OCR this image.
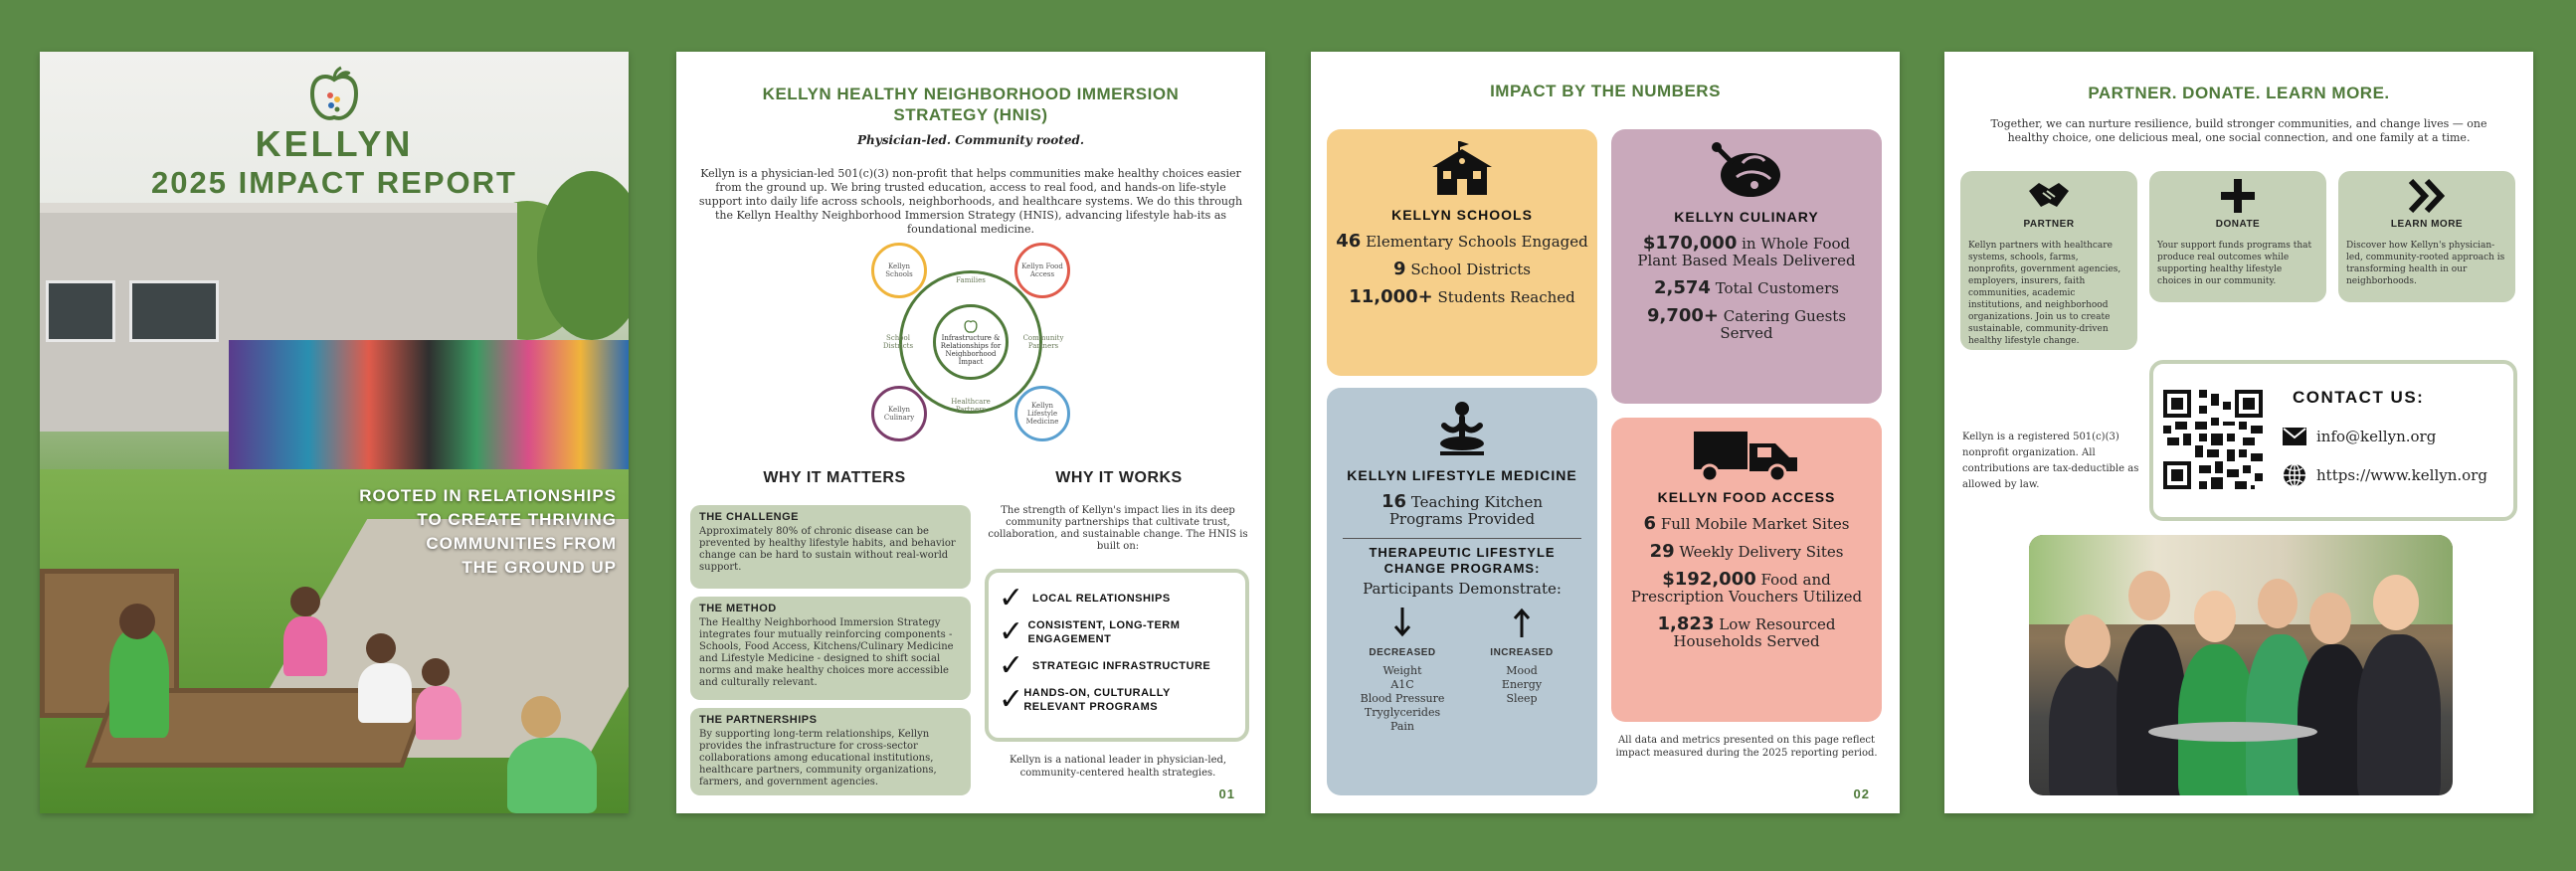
KELLYN
2025 IMPACT REPORT
ROOTED IN RELATIONSHIPS
TO CREATE THRIVING
COMMUNITIES FROM
THE GROUND UP
KELLYN HEALTHY NEIGHBORHOOD IMMERSION STRATEGY (HNIS)
Physician-led. Community rooted.
Kellyn is a physician-led 501(c)(3) non-profit that helps communities make healthy choices easier from the ground up. We bring trusted education, access to real food, and hands-on life-style support into daily life across schools, neighborhoods, and healthcare systems. We do this through the Kellyn Healthy Neighborhood Immersion Strategy (HNIS), advancing lifestyle hab-its as foundational medicine.
Infrastructure & Relationships for Neighborhood Impact
Kellyn Schools
Kellyn Food Access
Kellyn Lifestyle Medicine
Kellyn Culinary
Families
Community Partners
Healthcare Partners
School Districts
WHY IT MATTERS	WHY IT WORKS
THE CHALLENGE

Approximately 80% of chronic disease can be prevented by healthy lifestyle habits, and behavior change can be hard to sustain without real-world support.

THE METHOD

The Healthy Neighborhood Immersion Strategy integrates four mutually reinforcing components - Schools, Food Access, Kitchens/Culinary Medicine and Lifestyle Medicine - designed to shift social norms and make healthy choices more accessible and culturally relevant.

THE PARTNERSHIPS

By supporting long-term relationships, Kellyn provides the infrastructure for cross-sector collaborations among educational institutions, healthcare partners, community organizations, farmers, and government agencies.

The strength of Kellyn's impact lies in its deep community partnerships that cultivate trust, collaboration, and sustainable change. The HNIS is built on:
✓ LOCAL RELATIONSHIPS
✓ CONSISTENT, LONG-TERM ENGAGEMENT
✓ STRATEGIC INFRASTRUCTURE
✓ HANDS-ON, CULTURALLY RELEVANT PROGRAMS
Kellyn is a national leader in physician-led, community-centered health strategies.
01
IMPACT BY THE NUMBERS
KELLYN SCHOOLS
46 Elementary Schools Engaged
9 School Districts
11,000+ Students Reached
KELLYN CULINARY
$170,000 in Whole Food Plant Based Meals Delivered
2,574 Total Customers
9,700+ Catering Guests Served
KELLYN LIFESTYLE MEDICINE
16 Teaching Kitchen Programs Provided
THERAPEUTIC LIFESTYLE CHANGE PROGRAMS:
Participants Demonstrate:
DECREASED
Weight
A1C
Blood Pressure
Tryglycerides
Pain
INCREASED
Mood
Energy
Sleep
KELLYN FOOD ACCESS
6 Full Mobile Market Sites
29 Weekly Delivery Sites
$192,000 Food and Prescription Vouchers Utilized
1,823 Low Resourced Households Served
All data and metrics presented on this page reflect impact measured during the 2025 reporting period.
02
PARTNER. DONATE. LEARN MORE.
Together, we can nurture resilience, build stronger communities, and change lives — one healthy choice, one delicious meal, one social connection, and one family at a time.
PARTNER

Kellyn partners with healthcare systems, schools, farms, nonprofits, government agencies, employers, insurers, faith communities, academic institutions, and neighborhood organizations. Join us to create sustainable, community-driven healthy lifestyle change.

DONATE

Your support funds programs that produce real outcomes while supporting healthy lifestyle choices in our community.

LEARN MORE

Discover how Kellyn's physician-led, community-rooted approach is transforming health in our neighborhoods.

Kellyn is a registered 501(c)(3) nonprofit organization. All contributions are tax-deductible as allowed by law.
CONTACT US:
info@kellyn.org
https://www.kellyn.org
